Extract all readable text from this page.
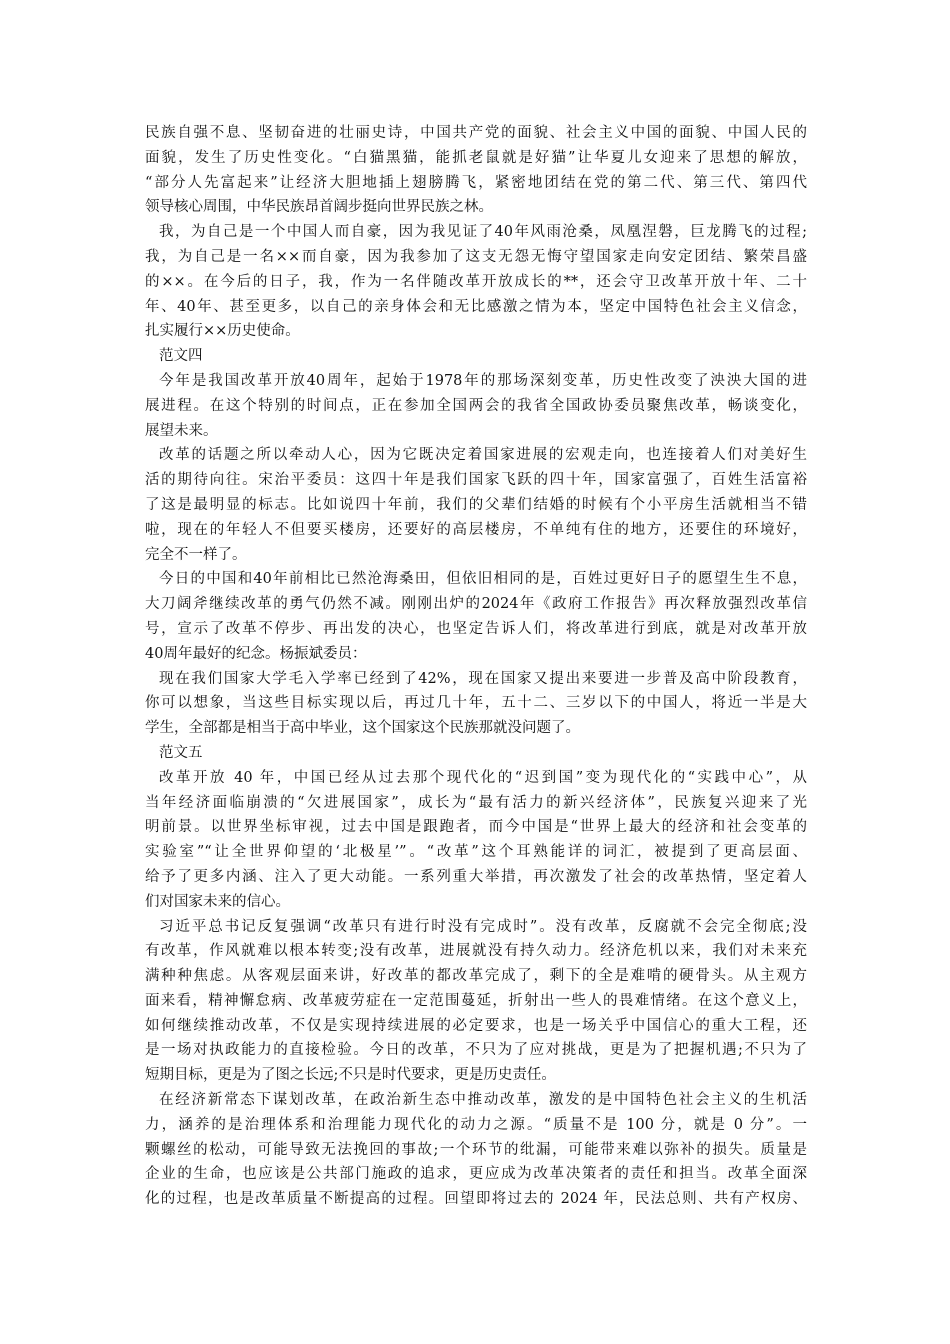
民族自强不息、坚韧奋进的壮丽史诗，中国共产党的面貌、社会主义中国的面貌、中国人民的
面貌，发生了历史性变化。“白猫黑猫，能抓老鼠就是好猫”让华夏儿女迎来了思想的解放，
“部分人先富起来”让经济大胆地插上翅膀腾飞，紧密地团结在党的第二代、第三代、第四代
领导核心周围，中华民族昂首阔步挺向世界民族之林。
我，为自己是一个中国人而自豪，因为我见证了40年风雨沧桑，凤凰涅磐，巨龙腾飞的过程;
我，为自己是一名××而自豪，因为我参加了这支无怨无悔守望国家走向安定团结、繁荣昌盛
的××。在今后的日子，我，作为一名伴随改革开放成长的**，还会守卫改革开放十年、二十
年、40年、甚至更多，以自己的亲身体会和无比感激之情为本，坚定中国特色社会主义信念，
扎实履行××历史使命。
范文四
今年是我国改革开放40周年，起始于1978年的那场深刻变革，历史性改变了泱泱大国的进
展进程。在这个特别的时间点，正在参加全国两会的我省全国政协委员聚焦改革，畅谈变化，
展望未来。
改革的话题之所以牵动人心，因为它既决定着国家进展的宏观走向，也连接着人们对美好生
活的期待向往。宋治平委员：这四十年是我们国家飞跃的四十年，国家富强了，百姓生活富裕
了这是最明显的标志。比如说四十年前，我们的父辈们结婚的时候有个小平房生活就相当不错
啦，现在的年轻人不但要买楼房，还要好的高层楼房，不单纯有住的地方，还要住的环境好，
完全不一样了。
今日的中国和40年前相比已然沧海桑田，但依旧相同的是，百姓过更好日子的愿望生生不息，
大刀阔斧继续改革的勇气仍然不减。刚刚出炉的2024年《政府工作报告》再次释放强烈改革信
号，宣示了改革不停步、再出发的决心，也坚定告诉人们，将改革进行到底，就是对改革开放
40周年最好的纪念。杨振斌委员：
现在我们国家大学毛入学率已经到了42%，现在国家又提出来要进一步普及高中阶段教育，
你可以想象，当这些目标实现以后，再过几十年，五十二、三岁以下的中国人，将近一半是大
学生，全部都是相当于高中毕业，这个国家这个民族那就没问题了。
范文五
改革开放 40 年，中国已经从过去那个现代化的“迟到国”变为现代化的“实践中心”，从
当年经济面临崩溃的“欠进展国家”，成长为“最有活力的新兴经济体”，民族复兴迎来了光
明前景。以世界坐标审视，过去中国是跟跑者，而今中国是“世界上最大的经济和社会变革的
实验室”“让全世界仰望的‘北极星’”。“改革”这个耳熟能详的词汇，被提到了更高层面、
给予了更多内涵、注入了更大动能。一系列重大举措，再次激发了社会的改革热情，坚定着人
们对国家未来的信心。
习近平总书记反复强调“改革只有进行时没有完成时”。没有改革，反腐就不会完全彻底;没
有改革，作风就难以根本转变;没有改革，进展就没有持久动力。经济危机以来，我们对未来充
满种种焦虑。从客观层面来讲，好改革的都改革完成了，剩下的全是难啃的硬骨头。从主观方
面来看，精神懈怠病、改革疲劳症在一定范围蔓延，折射出一些人的畏难情绪。在这个意义上，
如何继续推动改革，不仅是实现持续进展的必定要求，也是一场关乎中国信心的重大工程，还
是一场对执政能力的直接检验。今日的改革，不只为了应对挑战，更是为了把握机遇;不只为了
短期目标，更是为了图之长远;不只是时代要求，更是历史责任。
在经济新常态下谋划改革，在政治新生态中推动改革，激发的是中国特色社会主义的生机活
力，涵养的是治理体系和治理能力现代化的动力之源。“质量不是 100 分，就是 0 分”。一
颗螺丝的松动，可能导致无法挽回的事故;一个环节的纰漏，可能带来难以弥补的损失。质量是
企业的生命，也应该是公共部门施政的追求，更应成为改革决策者的责任和担当。改革全面深
化的过程，也是改革质量不断提高的过程。回望即将过去的 2024 年，民法总则、共有产权房、
